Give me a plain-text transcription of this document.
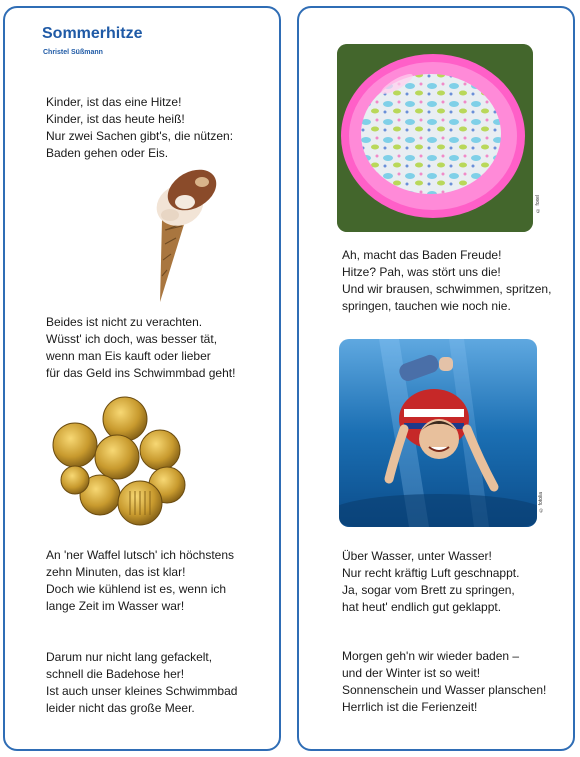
Sommerhitze
Christel Süßmann
Kinder, ist das eine Hitze!
Kinder, ist das heute heiß!
Nur zwei Sachen gibt's, die nützen:
Baden gehen oder Eis.
Beides ist nicht zu verachten.
Wüsst' ich doch, was besser tät,
wenn man Eis kauft oder lieber
für das Geld ins Schwimmbad geht!
An 'ner Waffel lutsch' ich höchstens
zehn Minuten, das ist klar!
Doch wie kühlend ist es, wenn ich
lange Zeit im Wasser war!
Darum nur nicht lang gefackelt,
schnell die Badehose her!
Ist auch unser kleines Schwimmbad
leider nicht das große Meer.
© foxel
Ah, macht das Baden Freude!
Hitze? Pah, was stört uns die!
Und wir brausen, schwimmen, spritzen,
springen, tauchen wie noch nie.
© fotolia
Über Wasser, unter Wasser!
Nur recht kräftig Luft geschnappt.
Ja, sogar vom Brett zu springen,
hat heut' endlich gut geklappt.
Morgen geh'n wir wieder baden –
und der Winter ist so weit!
Sonnenschein und Wasser planschen!
Herrlich ist die Ferienzeit!
